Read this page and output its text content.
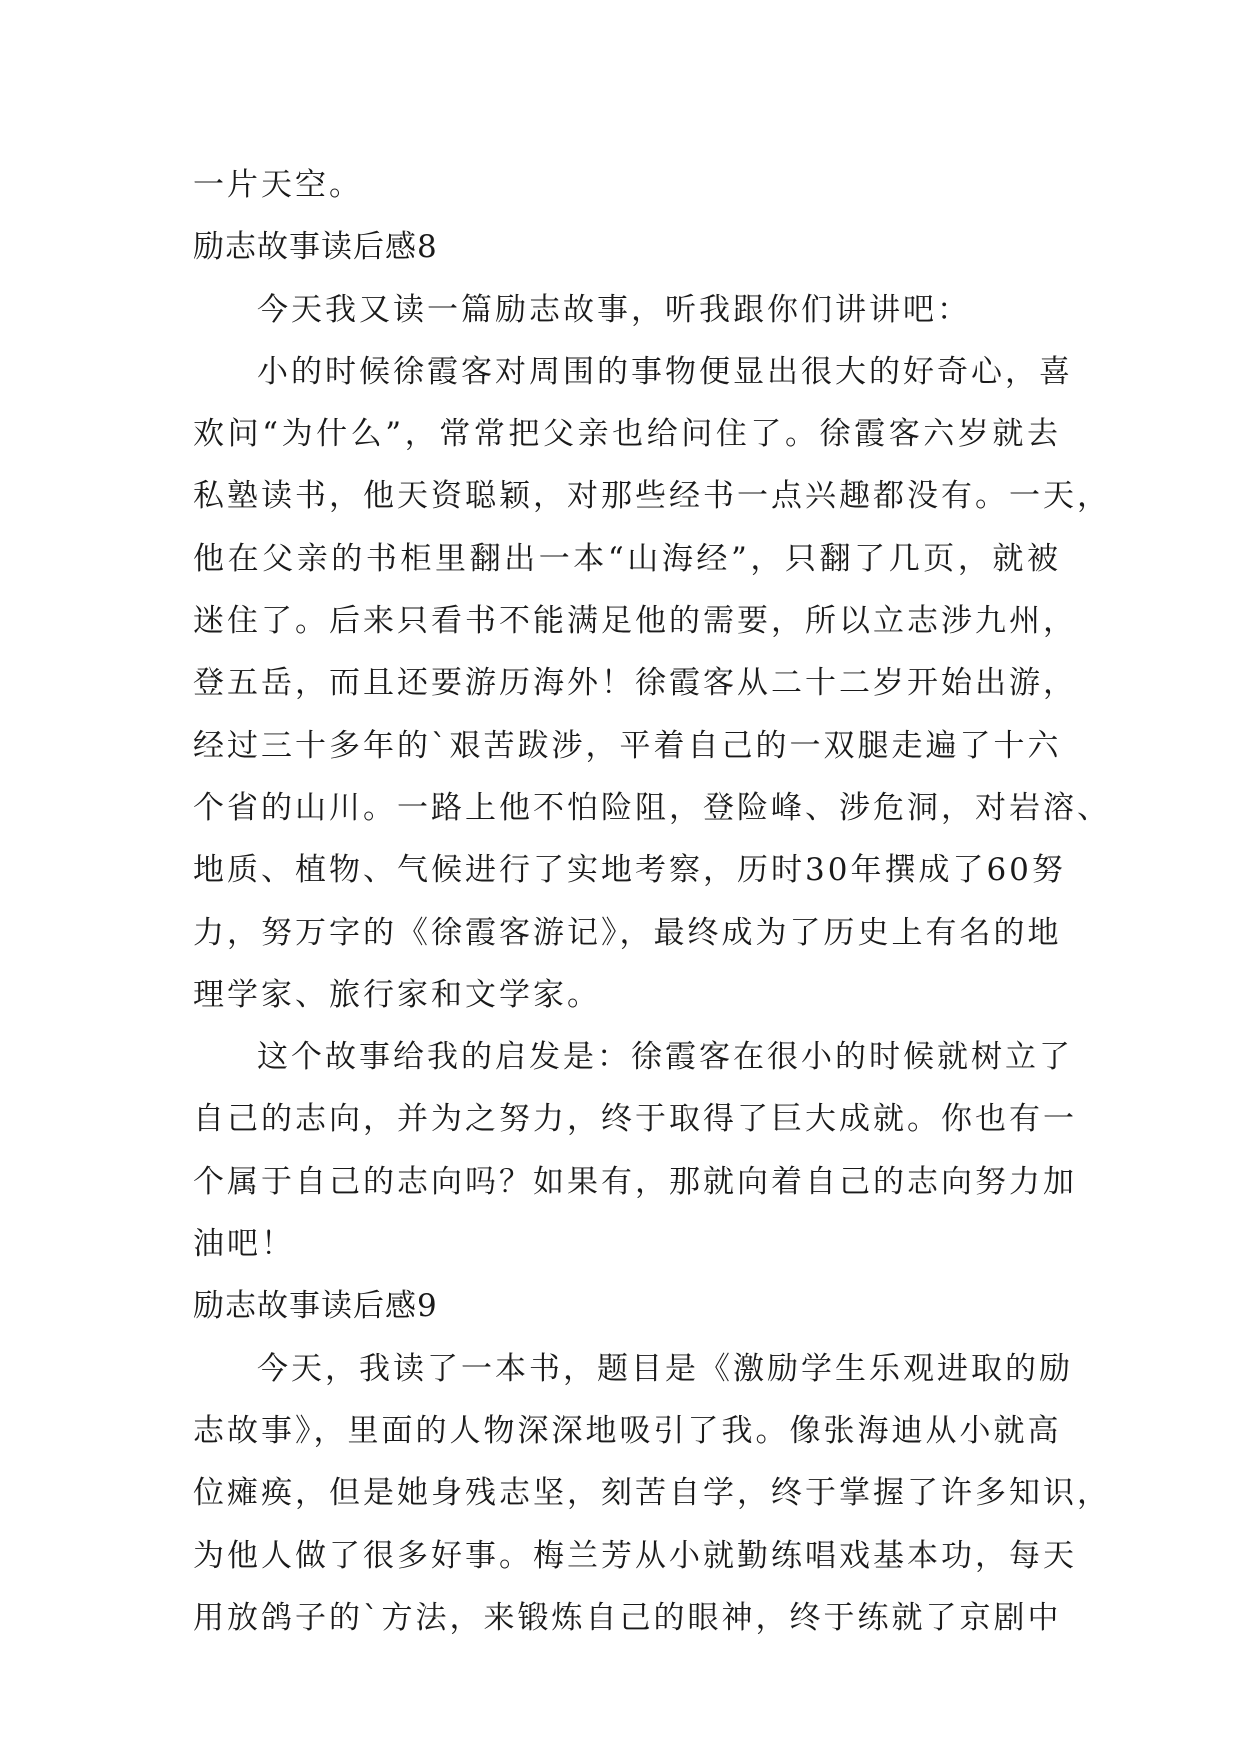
一片天空。
励志故事读后感8
今天我又读一篇励志故事，听我跟你们讲讲吧：
小的时候徐霞客对周围的事物便显出很大的好奇心，喜
欢问“为什么”，常常把父亲也给问住了。徐霞客六岁就去
私塾读书，他天资聪颖，对那些经书一点兴趣都没有。一天，
他在父亲的书柜里翻出一本“山海经”，只翻了几页，就被
迷住了。后来只看书不能满足他的需要，所以立志涉九州，
登五岳，而且还要游历海外！徐霞客从二十二岁开始出游，
经过三十多年的`艰苦跋涉，平着自己的一双腿走遍了十六
个省的山川。一路上他不怕险阻，登险峰、涉危洞，对岩溶、
地质、植物、气候进行了实地考察，历时30年撰成了60努
力，努万字的《徐霞客游记》，最终成为了历史上有名的地
理学家、旅行家和文学家。
这个故事给我的启发是：徐霞客在很小的时候就树立了
自己的志向，并为之努力，终于取得了巨大成就。你也有一
个属于自己的志向吗？如果有，那就向着自己的志向努力加
油吧！
励志故事读后感9
今天，我读了一本书，题目是《激励学生乐观进取的励
志故事》，里面的人物深深地吸引了我。像张海迪从小就高
位瘫痪，但是她身残志坚，刻苦自学，终于掌握了许多知识，
为他人做了很多好事。梅兰芳从小就勤练唱戏基本功，每天
用放鸽子的`方法，来锻炼自己的眼神，终于练就了京剧中
